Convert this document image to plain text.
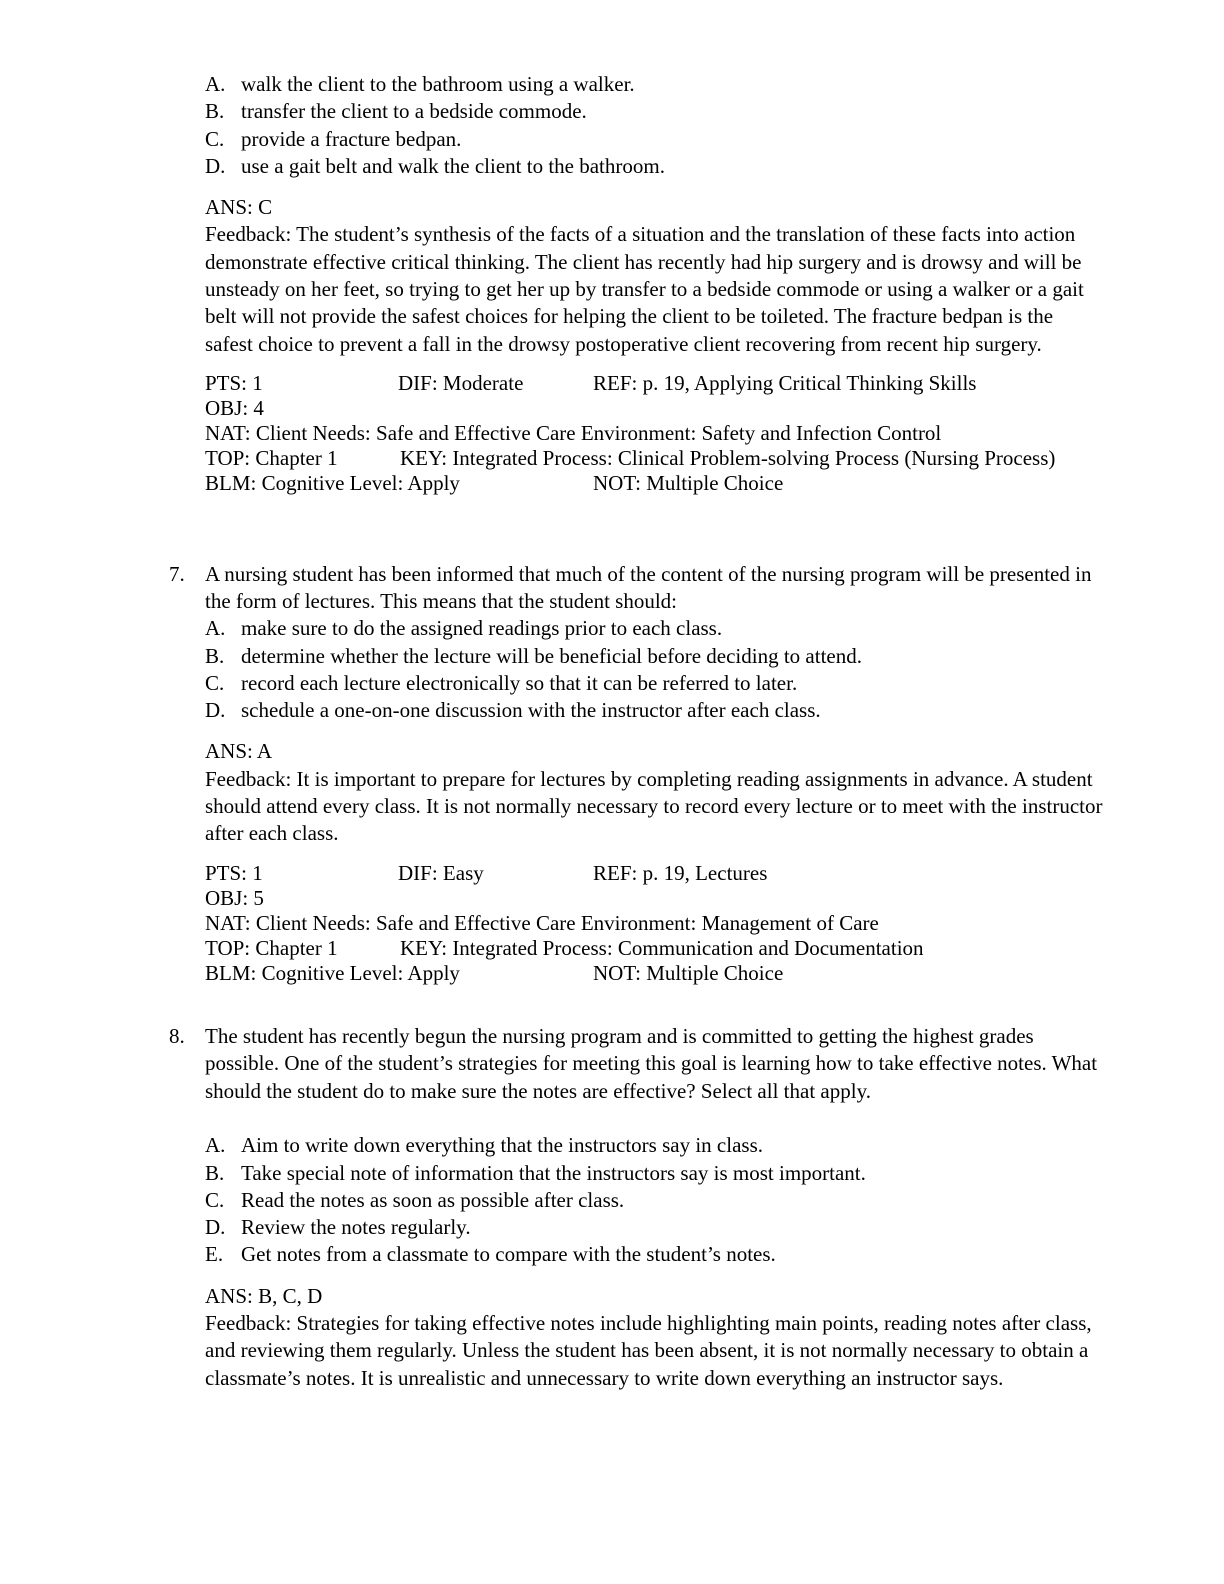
A. walk the client to the bathroom using a walker.
B. transfer the client to a bedside commode.
C. provide a fracture bedpan.
D. use a gait belt and walk the client to the bathroom.
ANS: C
Feedback: The student’s synthesis of the facts of a situation and the translation of these facts into action demonstrate effective critical thinking. The client has recently had hip surgery and is drowsy and will be unsteady on her feet, so trying to get her up by transfer to a bedside commode or using a walker or a gait belt will not provide the safest choices for helping the client to be toileted. The fracture bedpan is the safest choice to prevent a fall in the drowsy postoperative client recovering from recent hip surgery.
PTS: 1	DIF: Moderate	REF: p. 19, Applying Critical Thinking Skills
OBJ: 4
NAT: Client Needs: Safe and Effective Care Environment: Safety and Infection Control
TOP: Chapter 1	KEY: Integrated Process: Clinical Problem-solving Process (Nursing Process)
BLM: Cognitive Level: Apply	NOT: Multiple Choice
7. A nursing student has been informed that much of the content of the nursing program will be presented in the form of lectures. This means that the student should:
A. make sure to do the assigned readings prior to each class.
B. determine whether the lecture will be beneficial before deciding to attend.
C. record each lecture electronically so that it can be referred to later.
D. schedule a one-on-one discussion with the instructor after each class.
ANS: A
Feedback: It is important to prepare for lectures by completing reading assignments in advance. A student should attend every class. It is not normally necessary to record every lecture or to meet with the instructor after each class.
PTS: 1	DIF: Easy	REF: p. 19, Lectures
OBJ: 5
NAT: Client Needs: Safe and Effective Care Environment: Management of Care
TOP: Chapter 1	KEY: Integrated Process: Communication and Documentation
BLM: Cognitive Level: Apply	NOT: Multiple Choice
8. The student has recently begun the nursing program and is committed to getting the highest grades possible. One of the student’s strategies for meeting this goal is learning how to take effective notes. What should the student do to make sure the notes are effective? Select all that apply.
A. Aim to write down everything that the instructors say in class.
B. Take special note of information that the instructors say is most important.
C. Read the notes as soon as possible after class.
D. Review the notes regularly.
E. Get notes from a classmate to compare with the student’s notes.
ANS: B, C, D
Feedback: Strategies for taking effective notes include highlighting main points, reading notes after class, and reviewing them regularly. Unless the student has been absent, it is not normally necessary to obtain a classmate’s notes. It is unrealistic and unnecessary to write down everything an instructor says.
